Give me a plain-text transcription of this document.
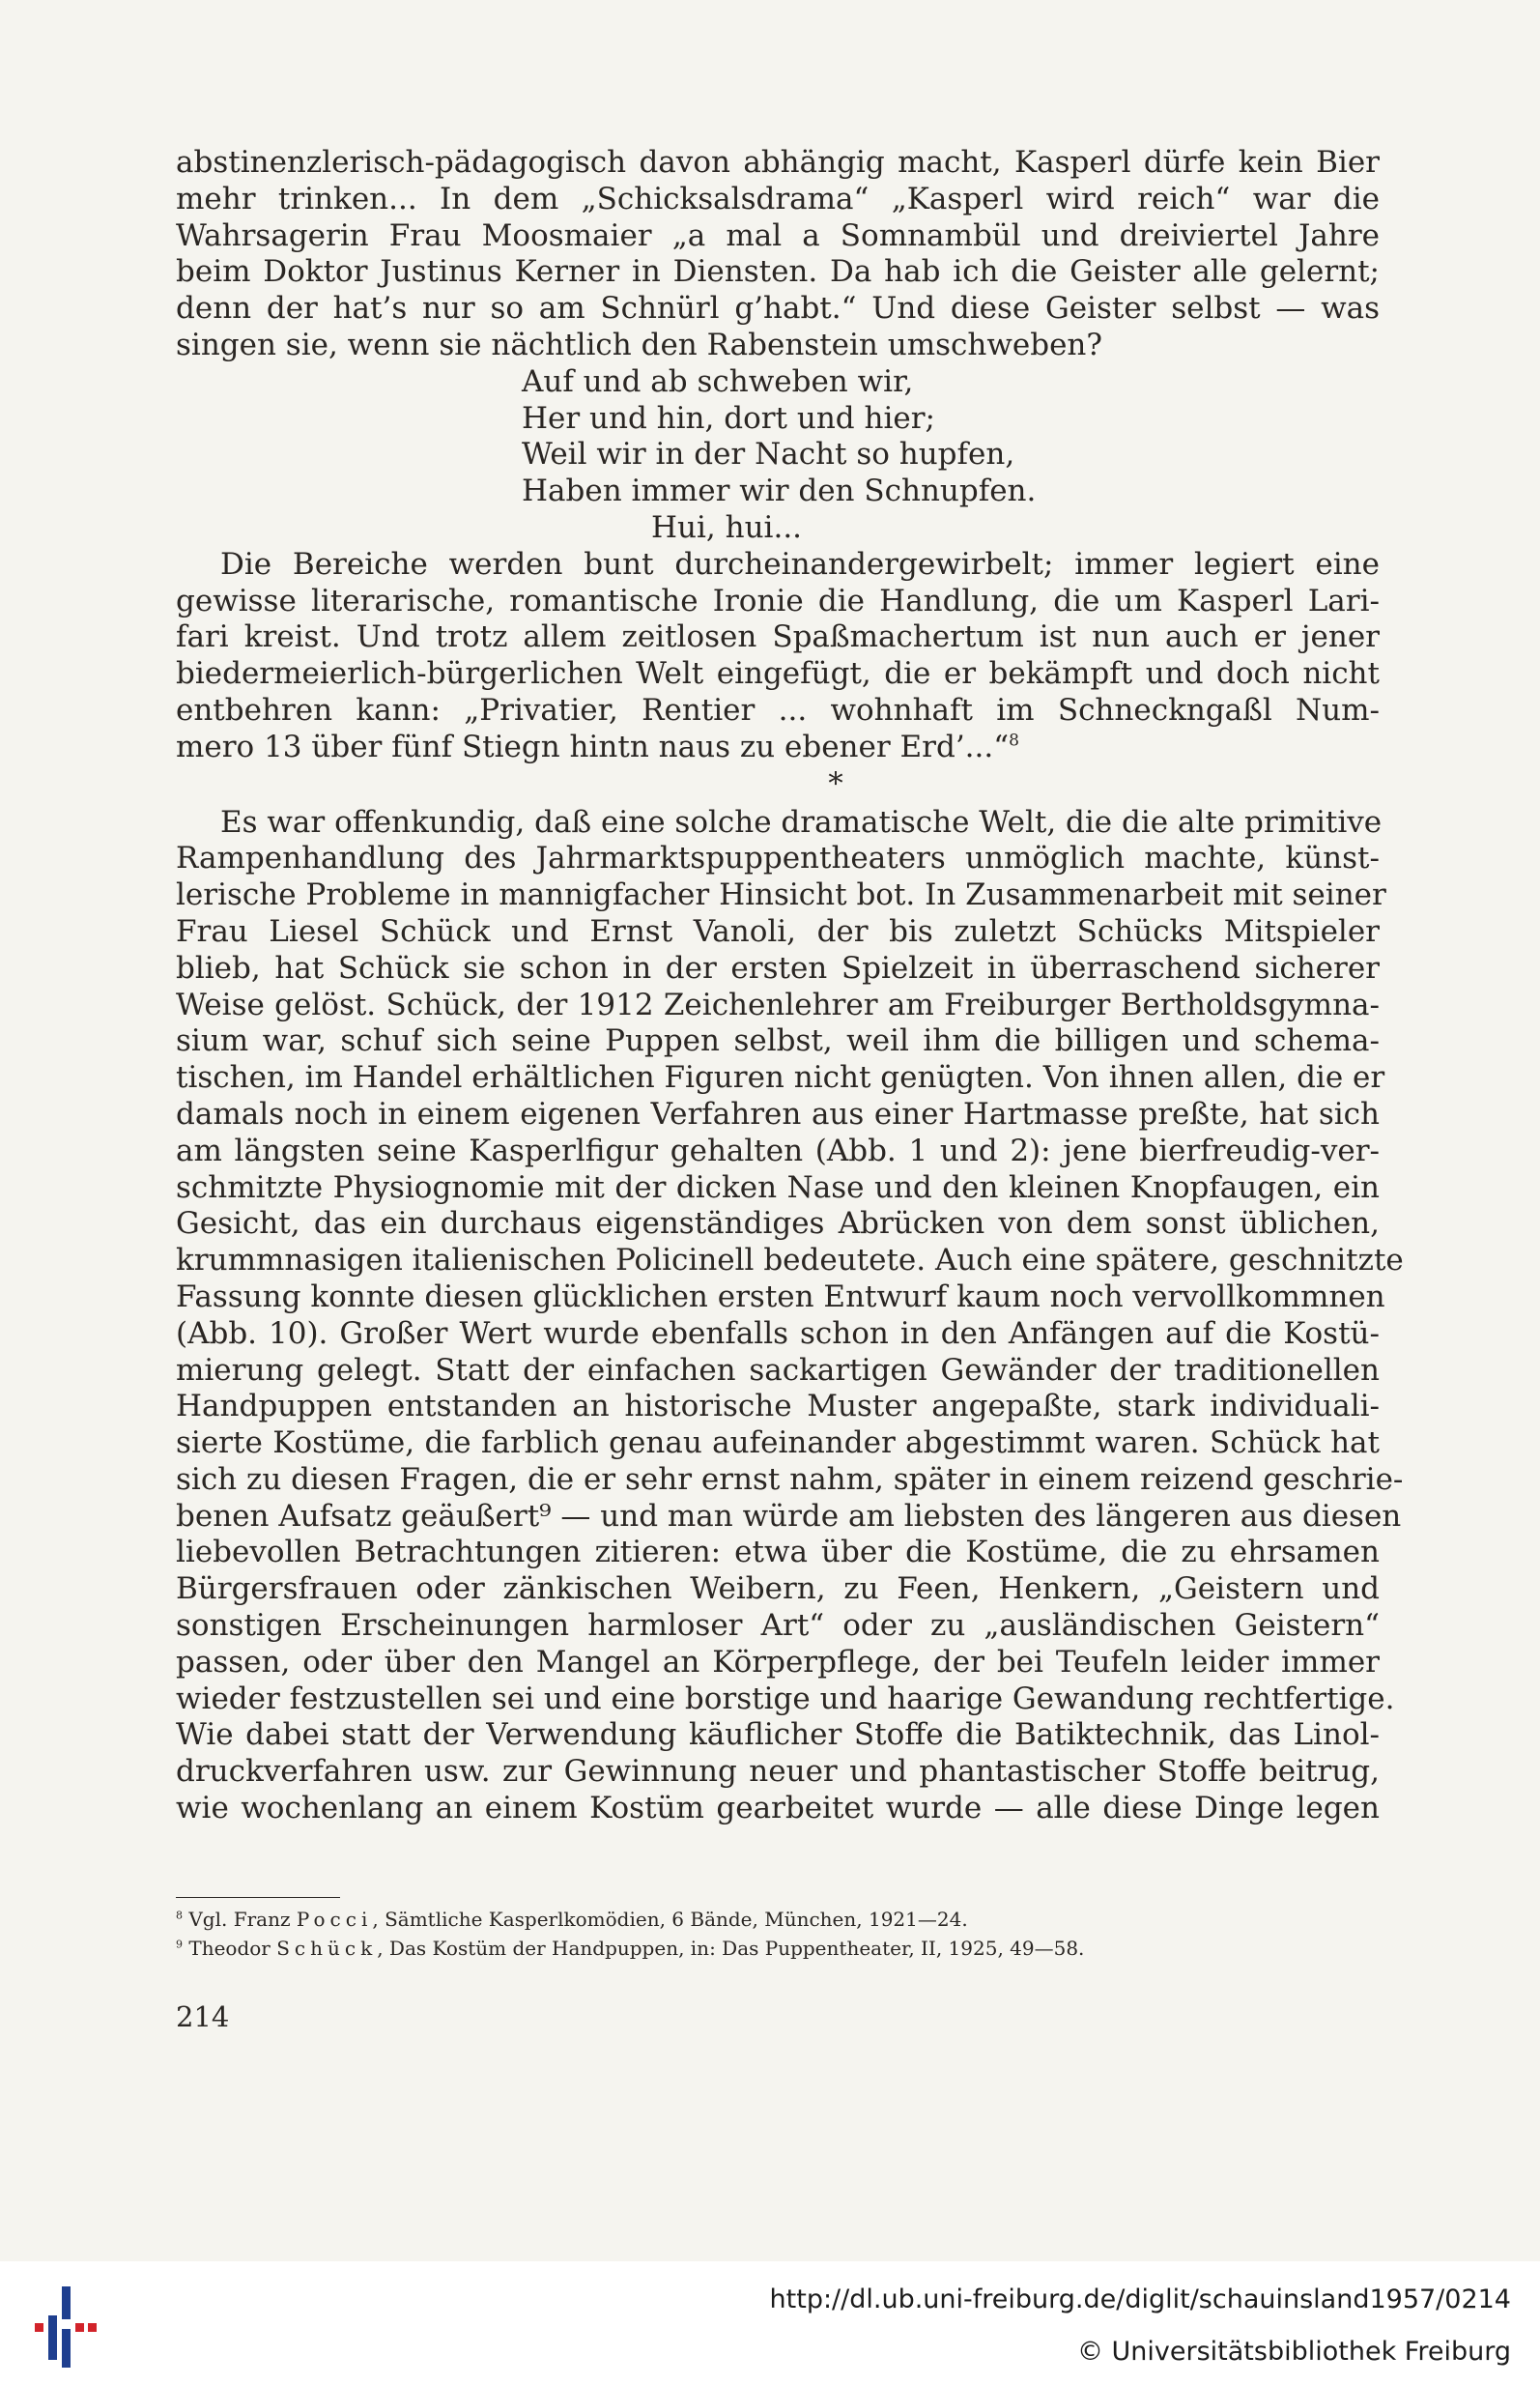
abstinenzlerisch-pädagogisch davon abhängig macht, Kasperl dürfe kein Bier
mehr trinken... In dem „Schicksalsdrama“ „Kasperl wird reich“ war die
Wahrsagerin Frau Moosmaier „a mal a Somnambül und dreiviertel Jahre
beim Doktor Justinus Kerner in Diensten. Da hab ich die Geister alle gelernt;
denn der hat’s nur so am Schnürl g’habt.“ Und diese Geister selbst — was
singen sie, wenn sie nächtlich den Rabenstein umschweben?

Auf und ab schweben wir,
Her und hin, dort und hier;
Weil wir in der Nacht so hupfen,
Haben immer wir den Schnupfen.
Hui, hui...

Die Bereiche werden bunt durcheinandergewirbelt; immer legiert eine
gewisse literarische, romantische Ironie die Handlung, die um Kasperl Lari-
fari kreist. Und trotz allem zeitlosen Spaßmachertum ist nun auch er jener
biedermeierlich-bürgerlichen Welt eingefügt, die er bekämpft und doch nicht
entbehren kann: „Privatier, Rentier ... wohnhaft im Schneckngaßl Num-
mero 13 über fünf Stiegn hintn naus zu ebener Erd’...“$^8$

*

Es war offenkundig, daß eine solche dramatische Welt, die die alte primitive
Rampenhandlung des Jahrmarktspuppentheaters unmöglich machte, künst-
lerische Probleme in mannigfacher Hinsicht bot. In Zusammenarbeit mit seiner
Frau Liesel Schück und Ernst Vanoli, der bis zuletzt Schücks Mitspieler
blieb, hat Schück sie schon in der ersten Spielzeit in überraschend sicherer
Weise gelöst. Schück, der 1912 Zeichenlehrer am Freiburger Bertholdsgymna-
sium war, schuf sich seine Puppen selbst, weil ihm die billigen und schema-
tischen, im Handel erhältlichen Figuren nicht genügten. Von ihnen allen, die er
damals noch in einem eigenen Verfahren aus einer Hartmasse preßte, hat sich
am längsten seine Kasperlfigur gehalten (Abb. 1 und 2): jene bierfreudig-ver-
schmitzte Physiognomie mit der dicken Nase und den kleinen Knopfaugen, ein
Gesicht, das ein durchaus eigenständiges Abrücken von dem sonst üblichen,
krummnasigen italienischen Policinell bedeutete. Auch eine spätere, geschnitzte
Fassung konnte diesen glücklichen ersten Entwurf kaum noch vervollkommnen
(Abb. 10). Großer Wert wurde ebenfalls schon in den Anfängen auf die Kostü-
mierung gelegt. Statt der einfachen sackartigen Gewänder der traditionellen
Handpuppen entstanden an historische Muster angepaßte, stark individuali-
sierte Kostüme, die farblich genau aufeinander abgestimmt waren. Schück hat
sich zu diesen Fragen, die er sehr ernst nahm, später in einem reizend geschrie-
benen Aufsatz geäußert⁹ — und man würde am liebsten des längeren aus diesen
liebevollen Betrachtungen zitieren: etwa über die Kostüme, die zu ehrsamen
Bürgersfrauen oder zänkischen Weibern, zu Feen, Henkern, „Geistern und
sonstigen Erscheinungen harmloser Art“ oder zu „ausländischen Geistern“
passen, oder über den Mangel an Körperpflege, der bei Teufeln leider immer
wieder festzustellen sei und eine borstige und haarige Gewandung rechtfertige.
Wie dabei statt der Verwendung käuflicher Stoffe die Batiktechnik, das Linol-
druckverfahren usw. zur Gewinnung neuer und phantastischer Stoffe beitrug,
wie wochenlang an einem Kostüm gearbeitet wurde — alle diese Dinge legen

$^8$ Vgl. Franz Pocci, Sämtliche Kasperlkomödien, 6 Bände, München, 1921—24.
$^9$ Theodor Schück, Das Kostüm der Handpuppen, in: Das Puppentheater, II, 1925, 49—58.
214
http://dl.ub.uni-freiburg.de/diglit/schauinsland1957/0214
© Universitätsbibliothek Freiburg
